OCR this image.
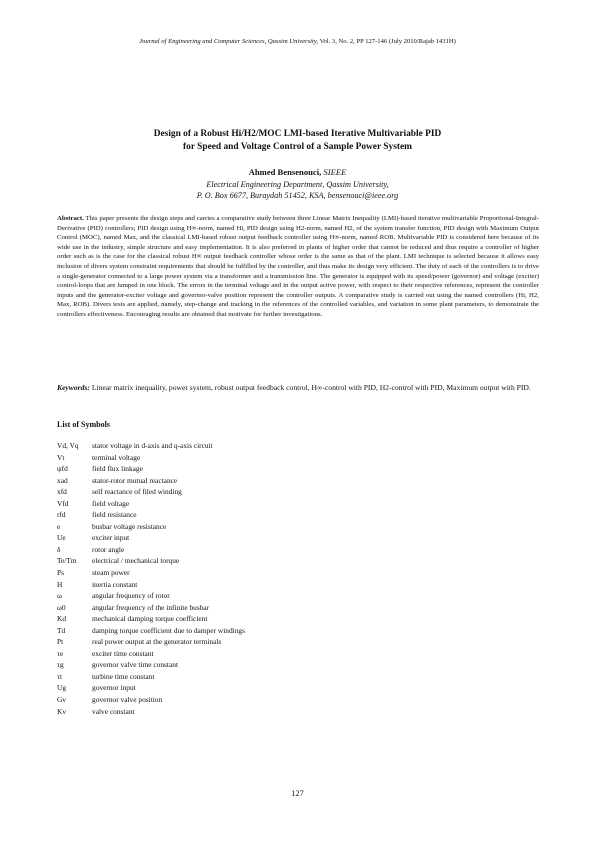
Journal of Engineering and Computer Sciences, Qassim University, Vol. 3, No. 2, PP 127-146 (July 2010/Rajab 1431H)
Design of a Robust Hi/H2/MOC LMI-based Iterative Multivariable PID
for Speed and Voltage Control of a Sample Power System
Ahmed Bensenouci, SIEEE
Electrical Engineering Department, Qassim University,
P. O. Box 6677, Buraydah 51452, KSA, bensenouci@ieee.org
Abstract. This paper presents the design steps and carries a comparative study between three Linear Matrix Inequality (LMI)-based iterative multivariable Proportional-Integral-Derivative (PID) controllers; PID design using H∞-norm, named Hi, PID design using H2-norm, named H2, of the system transfer function, PID design with Maximum Output Control (MOC), named Max, and the classical LMI-based robust output feedback controller using H∞-norm, named ROB. Multivariable PID is considered here because of its wide use in the industry, simple structure and easy implementation. It is also preferred in plants of higher order that cannot be reduced and thus require a controller of higher order such as is the case for the classical robust H∞ output feedback controller whose order is the same as that of the plant. LMI technique is selected because it allows easy inclusion of divers system constraint requirements that should be fulfilled by the controller, and thus make its design very efficient. The duty of each of the controllers is to drive a single-generator connected to a large power system via a transformer and a transmission line. The generator is equipped with its speed/power (governor) and voltage (exciter) control-loops that are lumped in one block. The errors in the terminal voltage and in the output active power, with respect to their respective references, represent the controller inputs and the generator-exciter voltage and governor-valve position represent the controller outputs. A comparative study is carried out using the named controllers (Hi, H2, Max, ROB). Divers tests are applied, namely, step-change and tracking in the references of the controlled variables, and variation in some plant parameters, to demonstrate the controllers effectiveness. Encouraging results are obtained that motivate for further investigations.
Keywords: Linear matrix inequality, power system, robust output feedback control, H∞-control with PID, H2-control with PID, Maximum output with PID.
List of Symbols
Vd, Vq	stator voltage in d-axis and q-axis circuit
Vt	terminal voltage
ψfd	field flux linkage
xad	stator-rotor mutual reactance
xfd	self reactance of filed winding
Vfd	field voltage
rfd	field resistance
e	busbar voltage resistance
Ue	exciter input
δ	rotor angle
Te/Tm	electrical / mechanical torque
Ps	steam power
H	inertia constant
ω	angular frequency of rotor
ω0	angular frequency of the infinite busbar
Kd	mechanical damping torque coefficient
Td	damping torque coefficient due to damper windings
Pt	real power output at the generator terminals
τe	exciter time constant
τg	governor valve time constant
τt	turbine time constant
Ug	governor input
Gv	governor valve position
Kv	valve constant
127
